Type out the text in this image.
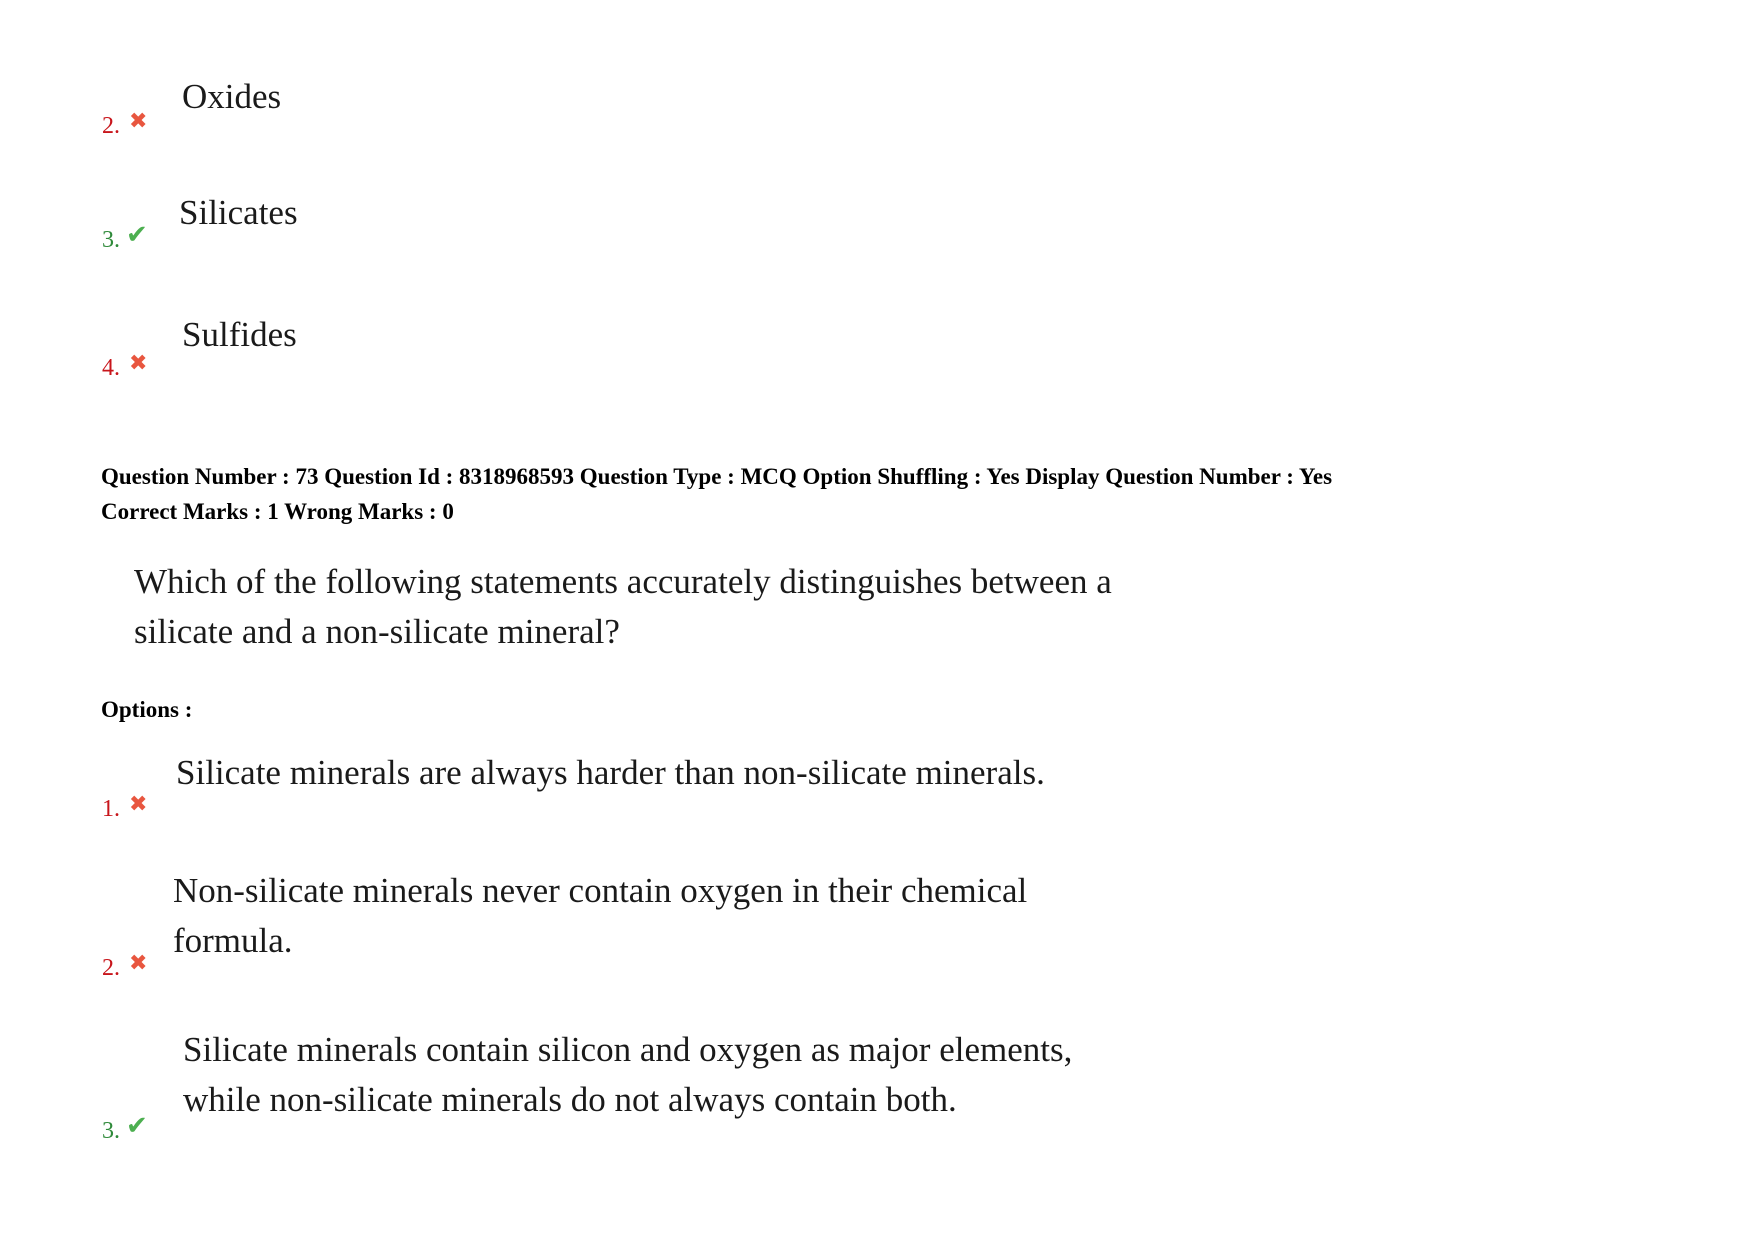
2. ✖
Oxides
3. ✔
Silicates
4. ✖
Sulfides
Question Number : 73 Question Id : 8318968593 Question Type : MCQ Option Shuffling : Yes Display Question Number : Yes
Correct Marks : 1 Wrong Marks : 0
Which of the following statements accurately distinguishes between a
silicate and a non-silicate mineral?
Options :
1. ✖
Silicate minerals are always harder than non-silicate minerals.
2. ✖
Non-silicate minerals never contain oxygen in their chemical
formula.
3. ✔
Silicate minerals contain silicon and oxygen as major elements,
while non-silicate minerals do not always contain both.
